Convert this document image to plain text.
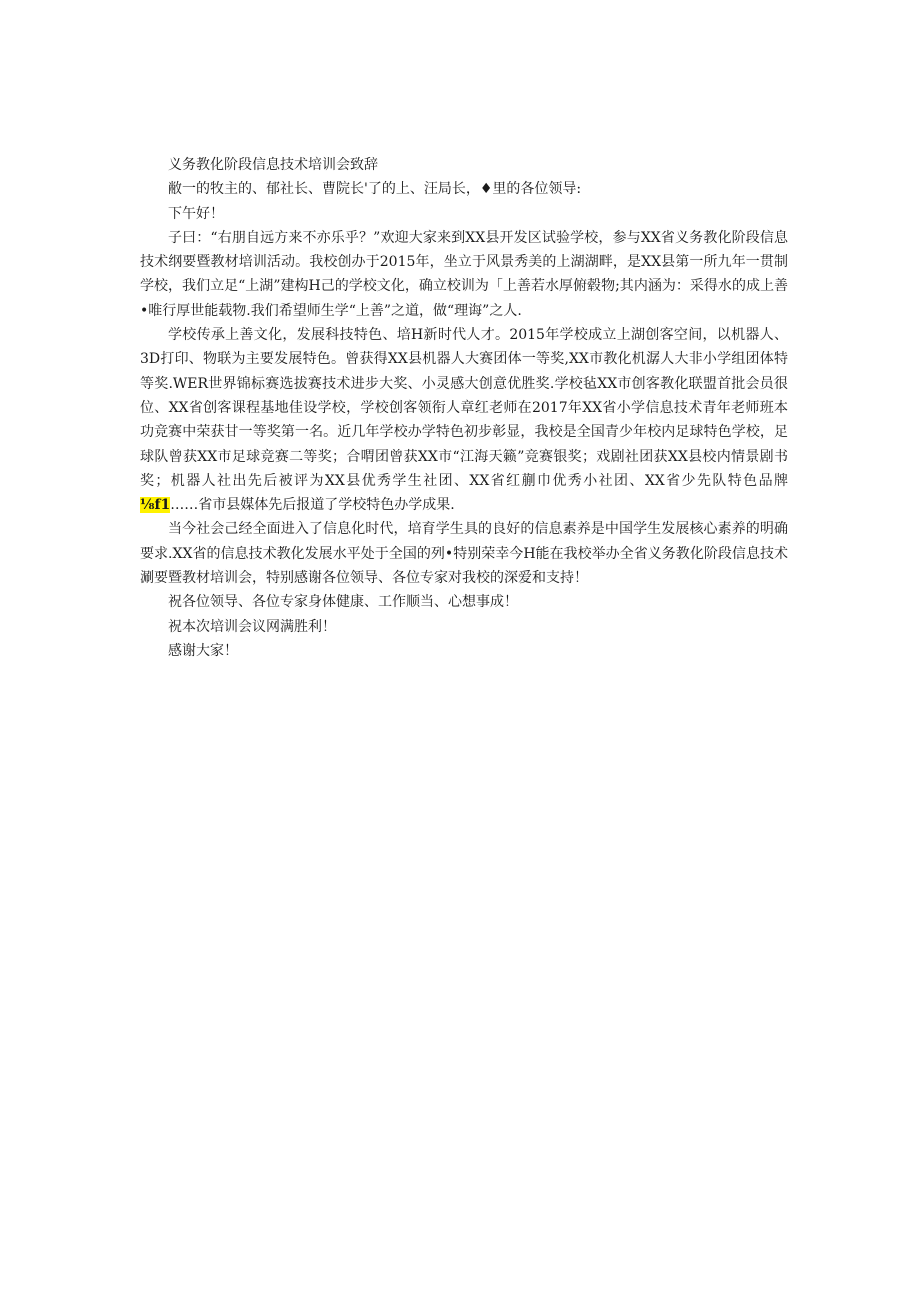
义务教化阶段信息技术培训会致辞

敝一的牧主的、郁社长、曹院长'了的上、汪局长，♦里的各位领导:

下午好！

子曰：“右朋自远方来不亦乐乎？”欢迎大家来到XX县开发区试验学校，参与XX省义务教化阶段信息技术纲要暨教材培训活动。我校创办于2015年，坐立于风景秀美的上湖湖畔，是XX县第一所九年一贯制学校，我们立足“上湖”建构H己的学校文化，确立校训为「上善若水厚俯毂物;其内涵为：采得水的成上善•唯行厚世能载物.我们希望师生学“上善”之道，做“理诲”之人.

学校传承上善文化，发展科技特色、培H新时代人才。2015年学校成立上湖创客空间，以机器人、3D打印、物联为主要发展特色。曾获得XX县机器人大赛团体一等奖,XX市教化机潺人大非小学组团体特等奖.WER世界锦标赛选拔赛技术进步大奖、小灵感大创意优胜奖.学校毡XX市创客教化联盟首批会员很位、XX省创客课程基地佳设学校，学校创客领衔人章红老师在2017年XX省小学信息技术青年老师班本功竞赛中荣获甘一等奖第一名。近几年学校办学特色初步彰显，我校是全国青少年校内足球特色学校，足球队曾获XX市足球竞赛二等奖；合喟团曾获XX市“江海天籁”竞赛银奖；戏剧社团获XX县校内情景剧书奖；机器人社出先后被评为XX县优秀学生社团、XX省红蒯巾优秀小社团、XX省少先队特色品牌⅛f1……省市县媒体先后报道了学校特色办学成果.

当今社会己经全面进入了信息化时代，培育学生具的良好的信息素养是中国学生发展核心素养的明确要求.XX省的信息技术教化发展水平处于全国的列•特别荣幸今H能在我校举办全省义务教化阶段信息技术涮要暨教材培训会，特别感谢各位领导、各位专家对我校的深爱和支持！

祝各位领导、各位专家身体健康、工作顺当、心想事成！

祝本次培训会议网满胜利！

感谢大家！
